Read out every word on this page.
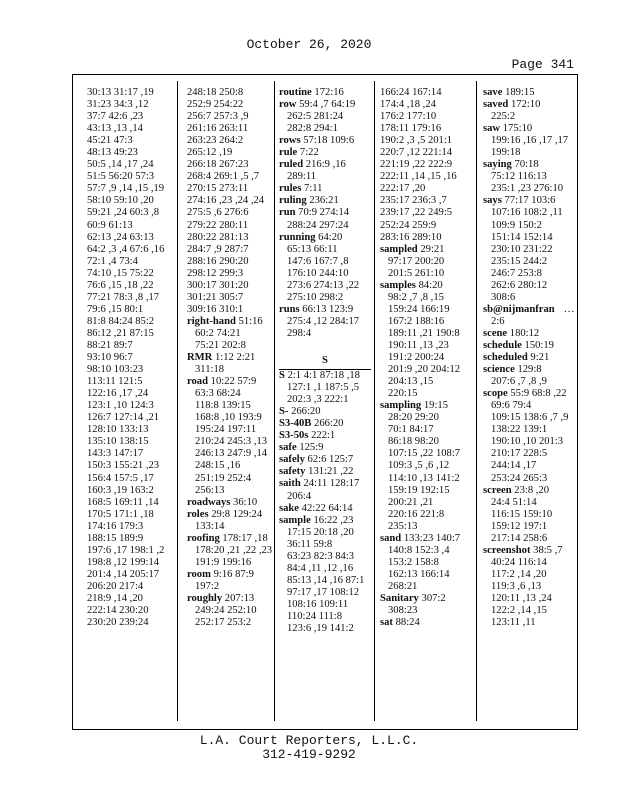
October 26, 2020
Page 341
30:13 31:17 ,19
31:23 34:3 ,12
37:7 42:6 ,23
43:13 ,13 ,14
45:21 47:3
48:13 49:23
50:5 ,14 ,17 ,24
51:5 56:20 57:3
57:7 ,9 ,14 ,15 ,19
58:10 59:10 ,20
59:21 ,24 60:3 ,8
60:9 61:13
62:13 ,24 63:13
64:2 ,3 ,4 67:6 ,16
72:1 ,4 73:4
74:10 ,15 75:22
76:6 ,15 ,18 ,22
77:21 78:3 ,8 ,17
79:6 ,15 80:1
81:8 84:24 85:2
86:12 ,21 87:15
88:21 89:7
93:10 96:7
98:10 103:23
113:11 121:5
122:16 ,17 ,24
123:1 ,10 124:3
126:7 127:14 ,21
128:10 133:13
135:10 138:15
143:3 147:17
150:3 155:21 ,23
156:4 157:5 ,17
160:3 ,19 163:2
168:5 169:11 ,14
170:5 171:1 ,18
174:16 179:3
188:15 189:9
197:6 ,17 198:1 ,2
198:8 ,12 199:14
201:4 ,14 205:17
206:20 217:4
218:9 ,14 ,20
222:14 230:20
230:20 239:24
248:18 250:8
252:9 254:22
256:7 257:3 ,9
261:16 263:11
263:23 264:2
265:12 ,19
266:18 267:23
268:4 269:1 ,5 ,7
270:15 273:11
274:16 ,23 ,24 ,24
275:5 ,6 276:6
279:22 280:11
280:22 281:13
284:7 ,9 287:7
288:16 290:20
298:12 299:3
300:17 301:20
301:21 305:7
309:16 310:1
right-hand 51:16
60:2 74:21
75:21 202:8
RMR 1:12 2:21
311:18
road 10:22 57:9
63:3 68:24
118:8 139:15
168:8 ,10 193:9
195:24 197:11
210:24 245:3 ,13
246:13 247:9 ,14
248:15 ,16
251:19 252:4
256:13
roadways 36:10
roles 29:8 129:24
133:14
roofing 178:17 ,18
178:20 ,21 ,22 ,23
191:9 199:16
room 9:16 87:9
197:2
roughly 207:13
249:24 252:10
252:17 253:2
routine 172:16
row 59:4 ,7 64:19
262:5 281:24
282:8 294:1
rows 57:18 109:6
rule 7:22
ruled 216:9 ,16
289:11
rules 7:11
ruling 236:21
run 70:9 274:14
288:24 297:24
running 64:20
65:13 66:11
147:6 167:7 ,8
176:10 244:10
273:6 274:13 ,22
275:10 298:2
runs 66:13 123:9
275:4 ,12 284:17
298:4
S
S 2:1 4:1 87:18 ,18
127:1 ,1 187:5 ,5
202:3 ,3 222:1
S- 266:20
S3-40B 266:20
S3-50s 222:1
safe 125:9
safely 62:6 125:7
safety 131:21 ,22
saith 24:11 128:17
206:4
sake 42:22 64:14
sample 16:22 ,23
17:15 20:18 ,20
36:11 59:8
63:23 82:3 84:3
84:4 ,11 ,12 ,16
85:13 ,14 ,16 87:1
97:17 ,17 108:12
108:16 109:11
110:24 111:8
123:6 ,19 141:2
166:24 167:14
174:4 ,18 ,24
176:2 177:10
178:11 179:16
190:2 ,3 ,5 201:1
220:7 ,12 221:14
221:19 ,22 222:9
222:11 ,14 ,15 ,16
222:17 ,20
235:17 236:3 ,7
239:17 ,22 249:5
252:24 259:9
283:16 289:10
sampled 29:21
97:17 200:20
201:5 261:10
samples 84:20
98:2 ,7 ,8 ,15
159:24 166:19
167:2 188:16
189:11 ,21 190:8
190:11 ,13 ,23
191:2 200:24
201:9 ,20 204:12
204:13 ,15
220:15
sampling 19:15
28:20 29:20
70:1 84:17
86:18 98:20
107:15 ,22 108:7
109:3 ,5 ,6 ,12
114:10 ,13 141:2
159:19 192:15
200:21 ,21
220:16 221:8
235:13
sand 133:23 140:7
140:8 152:3 ,4
153:2 158:8
162:13 166:14
268:21
Sanitary 307:2
308:23
sat 88:24
save 189:15
saved 172:10
225:2
saw 175:10
199:16 ,16 ,17 ,17
199:18
saying 70:18
75:12 116:13
235:1 ,23 276:10
says 77:17 103:6
107:16 108:2 ,11
109:9 150:2
151:14 152:14
230:10 231:22
235:15 244:2
246:7 253:8
262:6 280:12
308:6
sb@nijmanfran ...
2:6
scene 180:12
schedule 150:19
scheduled 9:21
science 129:8
207:6 ,7 ,8 ,9
scope 55:9 68:8 ,22
69:6 79:4
109:15 138:6 ,7 ,9
138:22 139:1
190:10 ,10 201:3
210:17 228:5
244:14 ,17
253:24 265:3
screen 23:8 ,20
24:4 51:14
116:15 159:10
159:12 197:1
217:14 258:6
screenshot 38:5 ,7
40:24 116:14
117:2 ,14 ,20
119:3 ,6 ,13
120:11 ,13 ,24
122:2 ,14 ,15
123:11 ,11
L.A. Court Reporters, L.L.C.
312-419-9292
